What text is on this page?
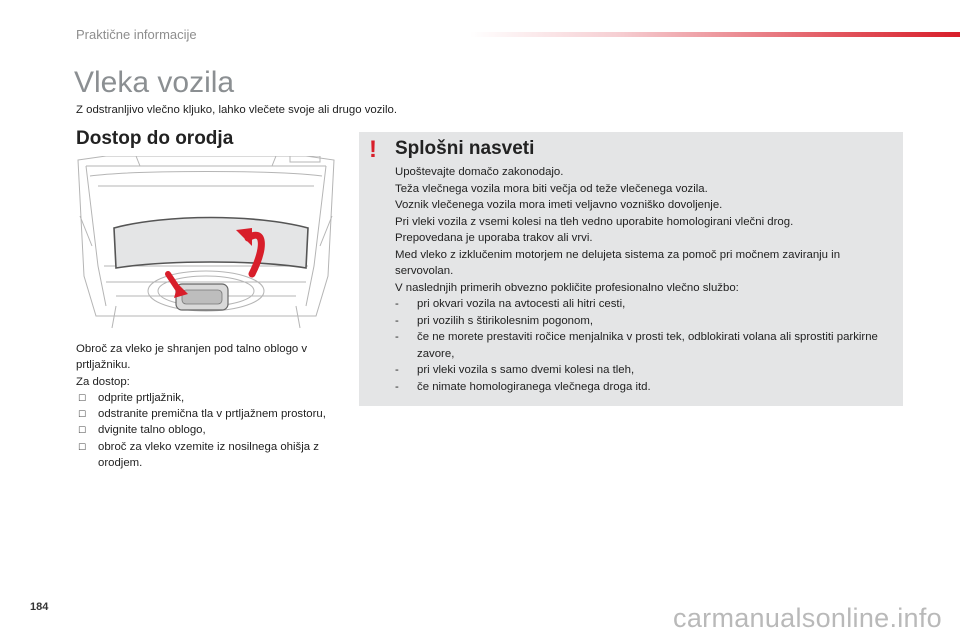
Praktične informacije
Vleka vozila
Z odstranljivo vlečno kljuko, lahko vlečete svoje ali drugo vozilo.
Dostop do orodja

Obroč za vleko je shranjen pod talno oblogo v prtljažniku.

Za dostop:

☐ odprite prtljažnik,
☐ odstranite premična tla v prtljažnem prostoru,
☐ dvignite talno oblogo,
☐ obroč za vleko vzemite iz nosilnega ohišja z orodjem.
! Splošni nasveti

Upoštevajte domačo zakonodajo.

Teža vlečnega vozila mora biti večja od teže vlečenega vozila.

Voznik vlečenega vozila mora imeti veljavno vozniško dovoljenje.

Pri vleki vozila z vsemi kolesi na tleh vedno uporabite homologirani vlečni drog.

Prepovedana je uporaba trakov ali vrvi.

Med vleko z izklučenim motorjem ne delujeta sistema za pomoč pri močnem zaviranju in servovolan.

V naslednjih primerih obvezno pokličite profesionalno vlečno službo:

- pri okvari vozila na avtocesti ali hitri cesti,
- pri vozilih s štirikolesnim pogonom,
- če ne morete prestaviti ročice menjalnika v prosti tek, odblokirati volana ali sprostiti parkirne zavore,
- pri vleki vozila s samo dvemi kolesi na tleh,
- če nimate homologiranega vlečnega droga itd.
184	carmanualsonline.info
